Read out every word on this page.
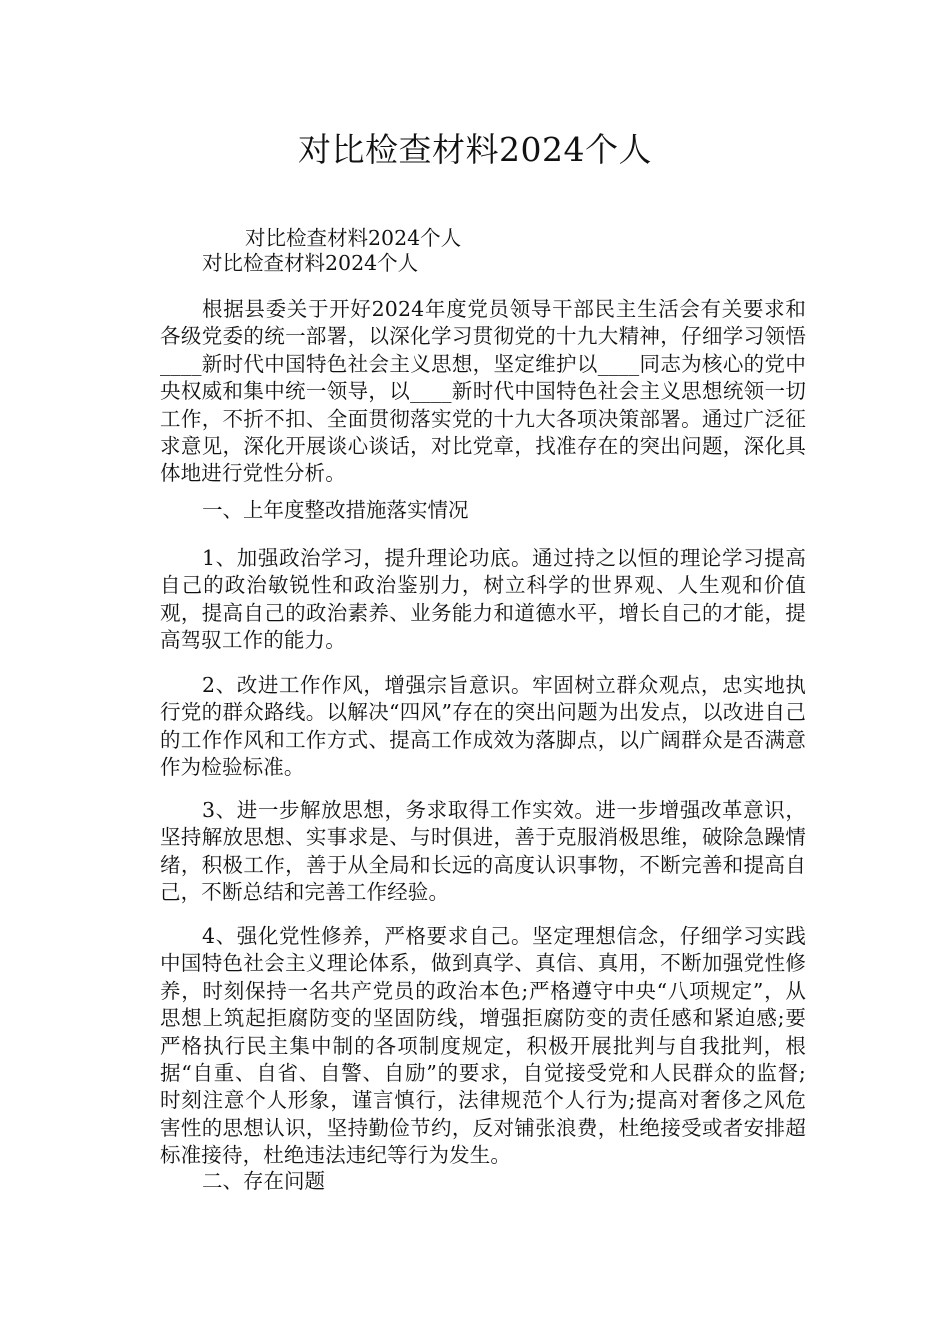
对比检查材料2024个人
对比检查材料2024个人
对比检查材料2024个人

根据县委关于开好2024年度党员领导干部民主生活会有关要求和各级党委的统一部署，以深化学习贯彻党的十九大精神，仔细学习领悟____新时代中国特色社会主义思想，坚定维护以____同志为核心的党中央权威和集中统一领导，以____新时代中国特色社会主义思想统领一切工作，不折不扣、全面贯彻落实党的十九大各项决策部署。通过广泛征求意见，深化开展谈心谈话，对比党章，找准存在的突出问题，深化具体地进行党性分析。

一、上年度整改措施落实情况

1、加强政治学习，提升理论功底。通过持之以恒的理论学习提高自己的政治敏锐性和政治鉴别力，树立科学的世界观、人生观和价值观，提高自己的政治素养、业务能力和道德水平，增长自己的才能，提高驾驭工作的能力。

2、改进工作作风，增强宗旨意识。牢固树立群众观点，忠实地执行党的群众路线。以解决“四风”存在的突出问题为出发点，以改进自己的工作作风和工作方式、提高工作成效为落脚点，以广阔群众是否满意作为检验标准。

3、进一步解放思想，务求取得工作实效。进一步增强改革意识，坚持解放思想、实事求是、与时俱进，善于克服消极思维，破除急躁情绪，积极工作，善于从全局和长远的高度认识事物，不断完善和提高自己，不断总结和完善工作经验。

4、强化党性修养，严格要求自己。坚定理想信念，仔细学习实践中国特色社会主义理论体系，做到真学、真信、真用，不断加强党性修养，时刻保持一名共产党员的政治本色;严格遵守中央“八项规定”，从思想上筑起拒腐防变的坚固防线，增强拒腐防变的责任感和紧迫感;要严格执行民主集中制的各项制度规定，积极开展批判与自我批判，根据“自重、自省、自警、自励”的要求，自觉接受党和人民群众的监督;时刻注意个人形象，谨言慎行，法律规范个人行为;提高对奢侈之风危害性的思想认识，坚持勤俭节约，反对铺张浪费，杜绝接受或者安排超标准接待，杜绝违法违纪等行为发生。

二、存在问题
